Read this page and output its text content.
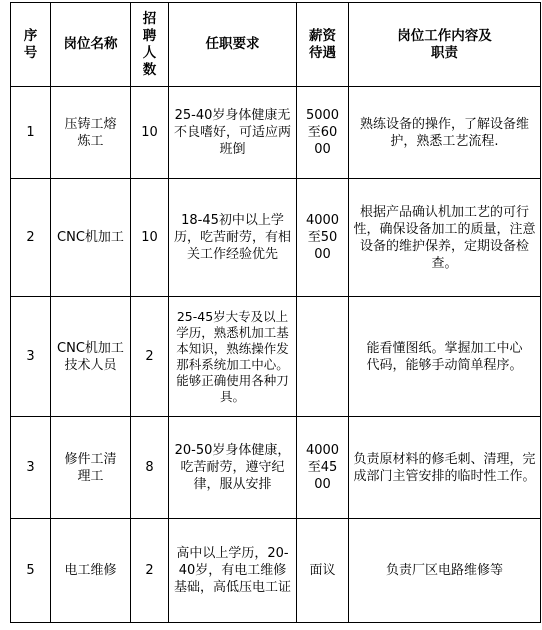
序号	岗位名称	招聘人数	任职要求	薪资待遇	岗位工作内容及职责
1	压铸工熔炼工	10	25-40岁身体健康无不良嗜好，可适应两班倒	5000至6000	熟练设备的操作，了解设备维护，熟悉工艺流程.
2	CNC机加工	10	18-45初中以上学历，吃苦耐劳，有相关工作经验优先	4000至5000	根据产品确认机加工艺的可行性，确保设备加工的质量，注意设备的维护保养，定期设备检查。
3	CNC机加工技术人员	2	25-45岁大专及以上学历，熟悉机加工基本知识，熟练操作发那科系统加工中心。能够正确使用各种刀具。		能看懂图纸。掌握加工中心代码，能够手动简单程序。
3	修件工清理工	8	20-50岁身体健康，吃苦耐劳，遵守纪律，服从安排	4000至4500	负责原材料的修毛刺、清理，完成部门主管安排的临时性工作。
5	电工维修	2	高中以上学历，20-40岁，有电工维修基础，高低压电工证	面议	负责厂区电路维修等
